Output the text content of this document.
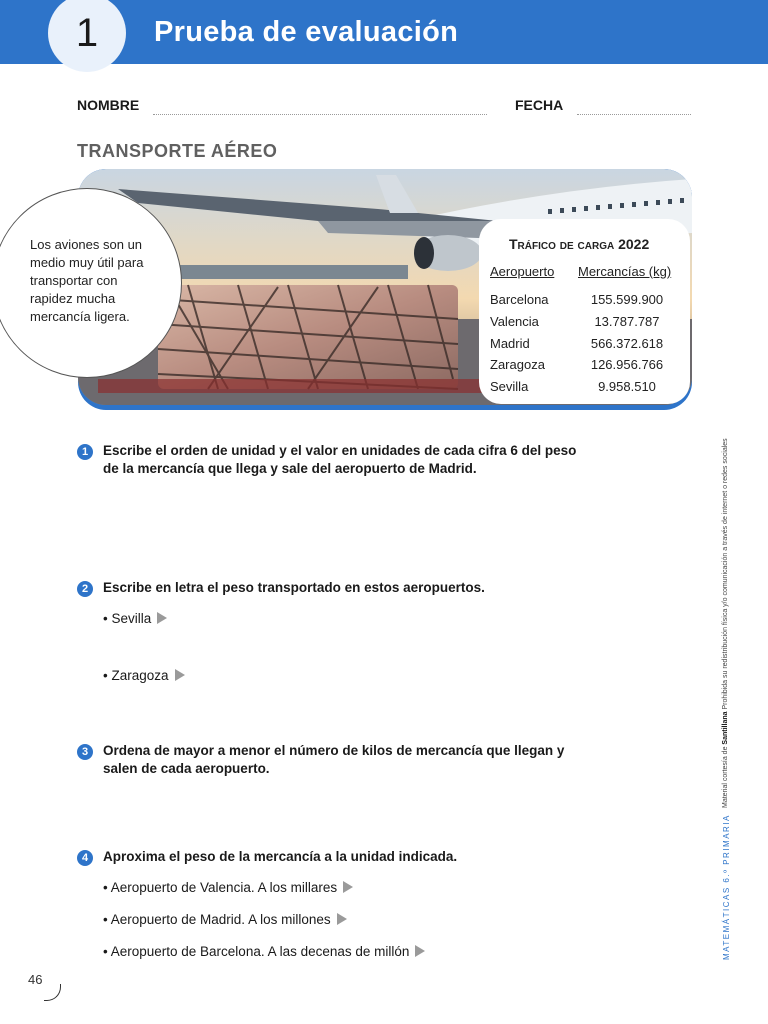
1	Prueba de evaluación
NOMBRE	FECHA
TRANSPORTE AÉREO
Los aviones son un medio muy útil para transportar con rapidez mucha mercancía ligera.
Tráfico de carga 2022
Aeropuerto Mercancías (kg)
Barcelona	155.599.900
Valencia	13.787.787
Madrid	566.372.618
Zaragoza	126.956.766
Sevilla	9.958.510
1	Escribe el orden de unidad y el valor en unidades de cada cifra 6 del peso de la mercancía que llega y sale del aeropuerto de Madrid.
2	Escribe en letra el peso transportado en estos aeropuertos.
• Sevilla
• Zaragoza
3	Ordena de mayor a menor el número de kilos de mercancía que llegan y salen de cada aeropuerto.
4	Aproxima el peso de la mercancía a la unidad indicada.
• Aeropuerto de Valencia. A los millares
• Aeropuerto de Madrid. A los millones
• Aeropuerto de Barcelona. A las decenas de millón	MATEMÁTICAS 6.º PRIMARIA
Material cortesía de Santillana Prohibida su redistribución física y/o comunicación a través de internet o redes sociales
46
